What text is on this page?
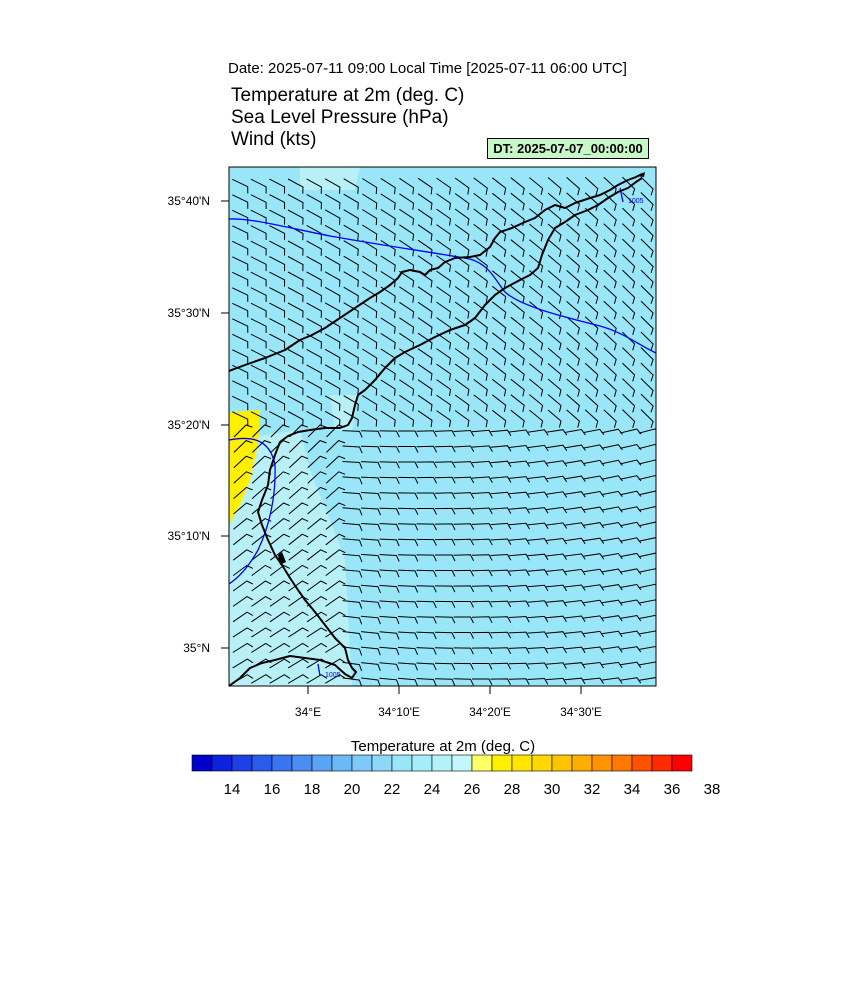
Date: 2025-07-11 09:00 Local Time [2025-07-11 06:00 UTC]
Temperature at 2m (deg. C)
Sea Level Pressure (hPa)
Wind (kts)	DT: 2025-07-07_00:00:00
1005
1005
35°40'N
35°30'N
35°20'N
35°10'N
35°N
34°E	34°10'E	34°20'E	34°30'E
Temperature at 2m (deg. C)
14 16 18 20 22 24 26 28 30 32 34 36 38
